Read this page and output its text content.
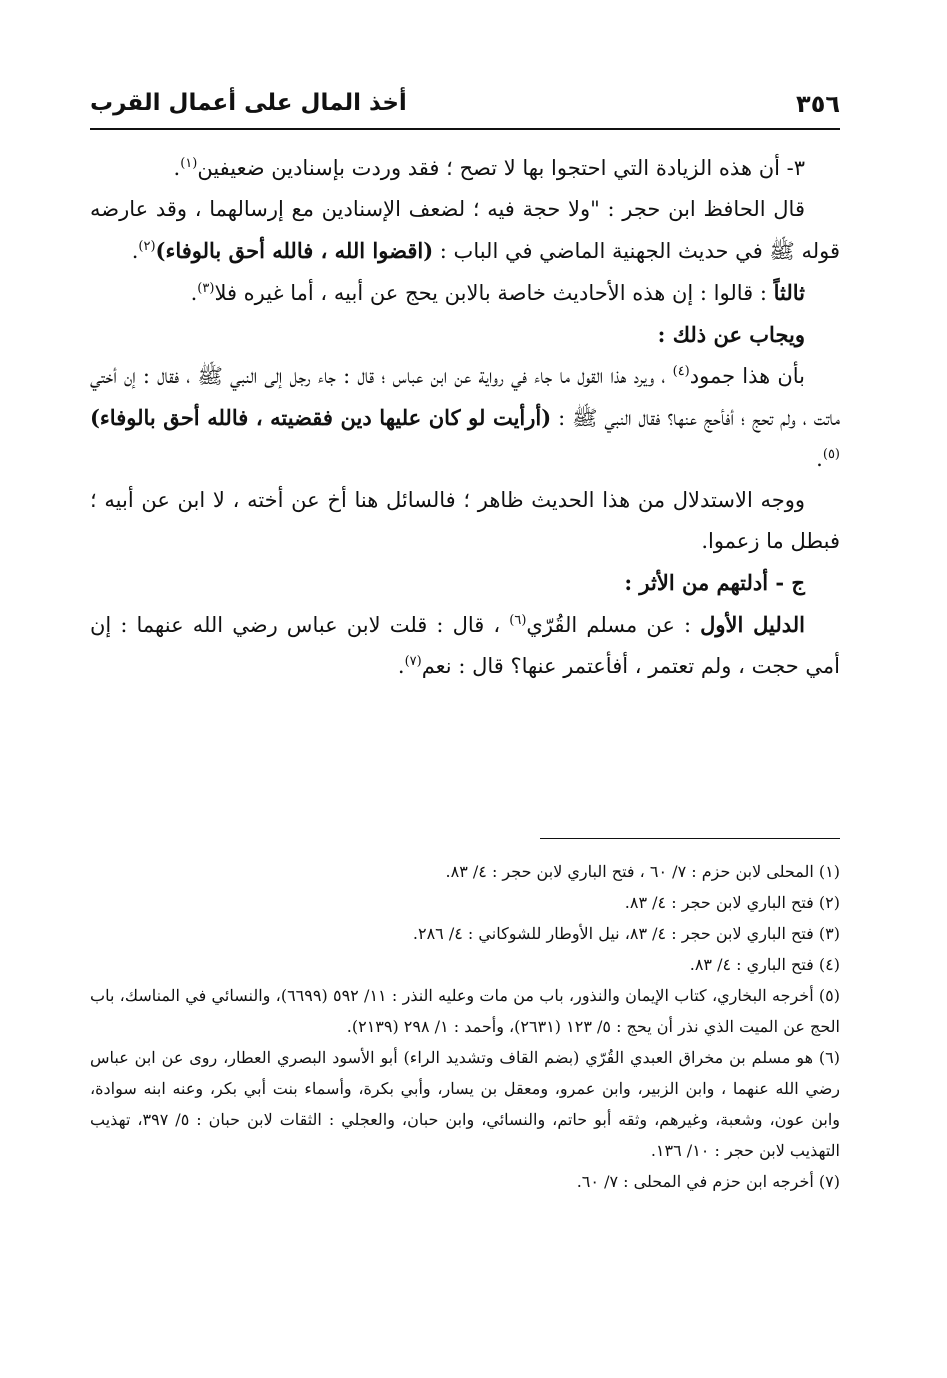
٣٥٦
أخذ المال على أعمال القرب

٣- أن هذه الزيادة التي احتجوا بها لا تصح ؛ فقد وردت بإسنادين ضعيفين$^{(١)}$.

قال الحافظ ابن حجر : "ولا حجة فيه ؛ لضعف الإسنادين مع إرسالهما ، وقد عارضه قوله ﷺ في حديث الجهنية الماضي في الباب : (اقضوا الله ، فالله أحق بالوفاء)$^{(٢)}$.

ثالثاً : قالوا : إن هذه الأحاديث خاصة بالابن يحج عن أبيه ، أما غيره فلا$^{(٣)}$.

ويجاب عن ذلك :

بأن هذا جمود$^{(٤)}$ ، ويرد هذا القول ما جاء في رواية عن ابن عباس ؛ قال : جاء رجل إلى النبي ﷺ ، فقال : إن أختي ماتت ، ولم تحج ؛ أفأحج عنها؟ فقال النبي ﷺ : (أرأيت لو كان عليها دين فقضيته ، فالله أحق بالوفاء)$^{(٥)}$.

ووجه الاستدلال من هذا الحديث ظاهر ؛ فالسائل هنا أخ عن أخته ، لا ابن عن أبيه ؛ فبطل ما زعموا.

ج - أدلتهم من الأثر :

الدليل الأول : عن مسلم القُرّي$^{(٦)}$ ، قال : قلت لابن عباس رضي الله عنهما : إن أمي حجت ، ولم تعتمر ، أفأعتمر عنها؟ قال : نعم$^{(٧)}$.

(١) المحلى لابن حزم : ٧/ ٦٠ ، فتح الباري لابن حجر : ٤/ ٨٣.

(٢) فتح الباري لابن حجر : ٤/ ٨٣.

(٣) فتح الباري لابن حجر : ٤/ ٨٣، نيل الأوطار للشوكاني : ٤/ ٢٨٦.

(٤) فتح الباري : ٤/ ٨٣.

(٥) أخرجه البخاري، كتاب الإيمان والنذور، باب من مات وعليه النذر : ١١/ ٥٩٢ (٦٦٩٩)، والنسائي في المناسك، باب الحج عن الميت الذي نذر أن يحج : ٥/ ١٢٣ (٢٦٣١)، وأحمد : ١/ ٢٩٨ (٢١٣٩).

(٦) هو مسلم بن مخراق العبدي القُرّي (بضم القاف وتشديد الراء) أبو الأسود البصري العطار، روى عن ابن عباس رضي الله عنهما ، وابن الزبير، وابن عمرو، ومعقل بن يسار، وأبي بكرة، وأسماء بنت أبي بكر، وعنه ابنه سوادة، وابن عون، وشعبة، وغيرهم، وثقه أبو حاتم، والنسائي، وابن حبان، والعجلي : الثقات لابن حبان : ٥/ ٣٩٧، تهذيب التهذيب لابن حجر : ١٠/ ١٣٦.

(٧) أخرجه ابن حزم في المحلى : ٧/ ٦٠.
